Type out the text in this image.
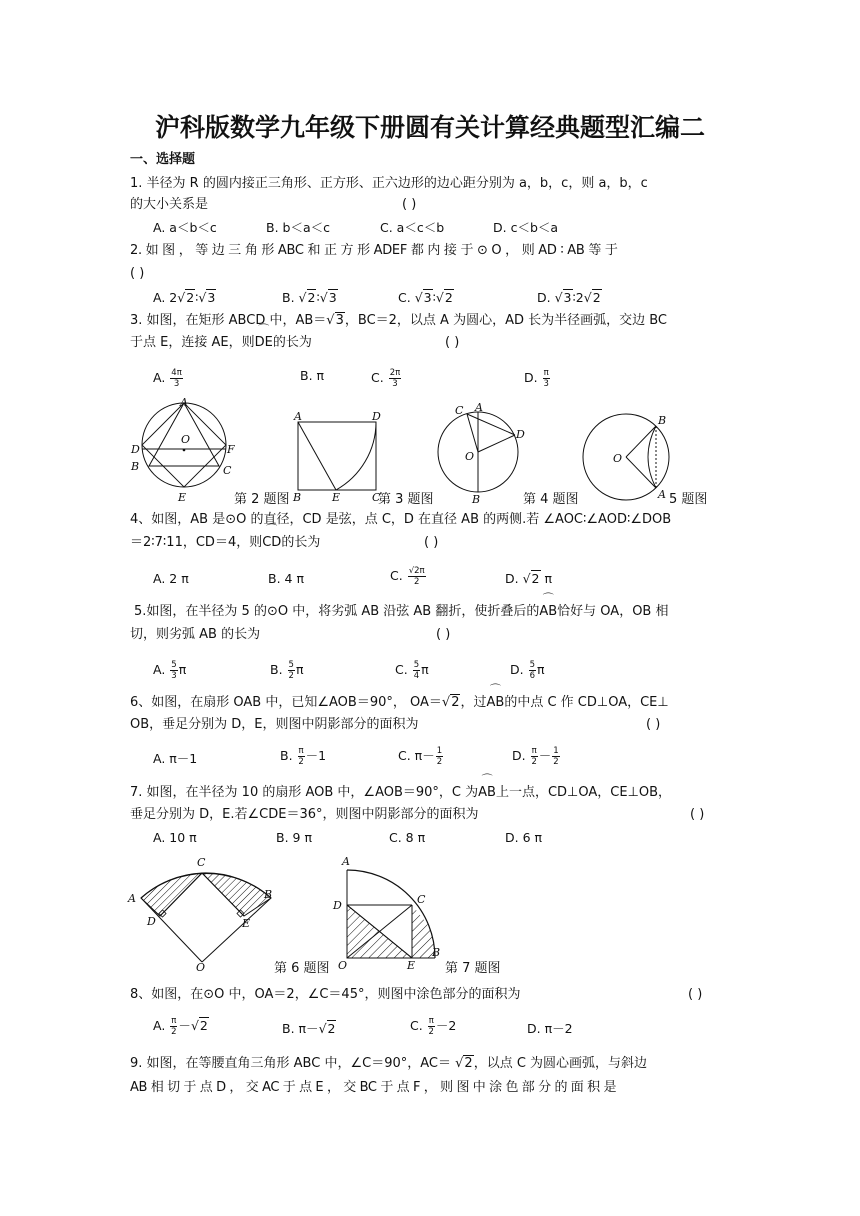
沪科版数学九年级下册圆有关计算经典题型汇编二
一、选择题
1. 半径为 R 的圆内接正三角形、正方形、正六边形的边心距分别为 a，b，c，则 a，b，c
的大小关系是	( )
A. a＜b＜c	B. b＜a＜c	C. a＜c＜b	D. c＜b＜a
2. 如 图 ， 等 边 三 角 形 ABC 和 正 方 形 ADEF 都 内 接 于 ⊙ O ， 则 AD ∶ AB 等 于
( )
A. 2√2∶√3	B. √2∶√3	C. √3∶√2	D. √3∶2√2
3. 如图，在矩形 ABCD 中，AB＝√3，BC＝2，以点 A 为圆心，AD 长为半径画弧，交边 BC
于点 E，连接 AE，则⌒ DE的长为	( )
A. $\frac{4\pi}{3}$	B. π	C. $\frac{2\pi}{3}$	D. $\frac{\pi}{3}$
A
D
O
F
B	C
E
A	D
B	E	C
C A
D
O
B
B
O
A
第 2 题图	第 3 题图	第 4 题图	5 题图
4、如图，AB 是⊙O 的直径，CD 是弦，点 C，D 在直径 AB 的两侧.若 ∠AOC∶∠AOD∶∠DOB
＝2∶7∶11，CD＝4，则⌒ CD的长为	( )
A. 2 π	B. 4 π	C. $\frac{√2\pi}{2}$	D. √2 π
5.如图，在半径为 5 的⊙O 中，将劣弧 AB 沿弦 AB 翻折，使折叠后的⌒ AB恰好与 OA，OB 相
切，则劣弧 AB 的长为	( )
A. $\frac{5}{3}$ π	B. $\frac{5}{2}$ π	C. $\frac{5}{4}$ π	D. $\frac{5}{6}$ π
6、如图，在扇形 OAB 中，已知∠AOB＝90°， OA＝√2，过⌒ AB的中点 C 作 CD⊥OA，CE⊥
OB，垂足分别为 D，E，则图中阴影部分的面积为	( )
A. π－1	B. $\frac{\pi}{2} -1$	C. $\pi- \frac{1}{2}$	D. $\frac{\pi}{2} - \frac{1}{2}$
7. 如图，在半径为 10 的扇形 AOB 中，∠AOB＝90°，C 为⌒ AB上一点，CD⊥OA，CE⊥OB，
垂足分别为 D，E.若∠CDE＝36°，则图中阴影部分的面积为	( )
A. 10 π	B. 9 π	C. 8 π	D. 6 π
C
A	B
D	E
O
A
C
D
O	E
B
第 6 题图	第 7 题图
8、如图，在⊙O 中，OA＝2，∠C＝45°，则图中涂色部分的面积为	( )
A. $\frac{\pi}{2} -√2$	B. π－√2	C. $\frac{\pi}{2} -2$	D. π－2
9. 如图，在等腰直角三角形 ABC 中，∠C＝90°，AC＝ √2，以点 C 为圆心画弧，与斜边
AB 相 切 于 点 D ， 交 AC 于 点 E ， 交 BC 于 点 F ， 则 图 中 涂 色 部 分 的 面 积 是
